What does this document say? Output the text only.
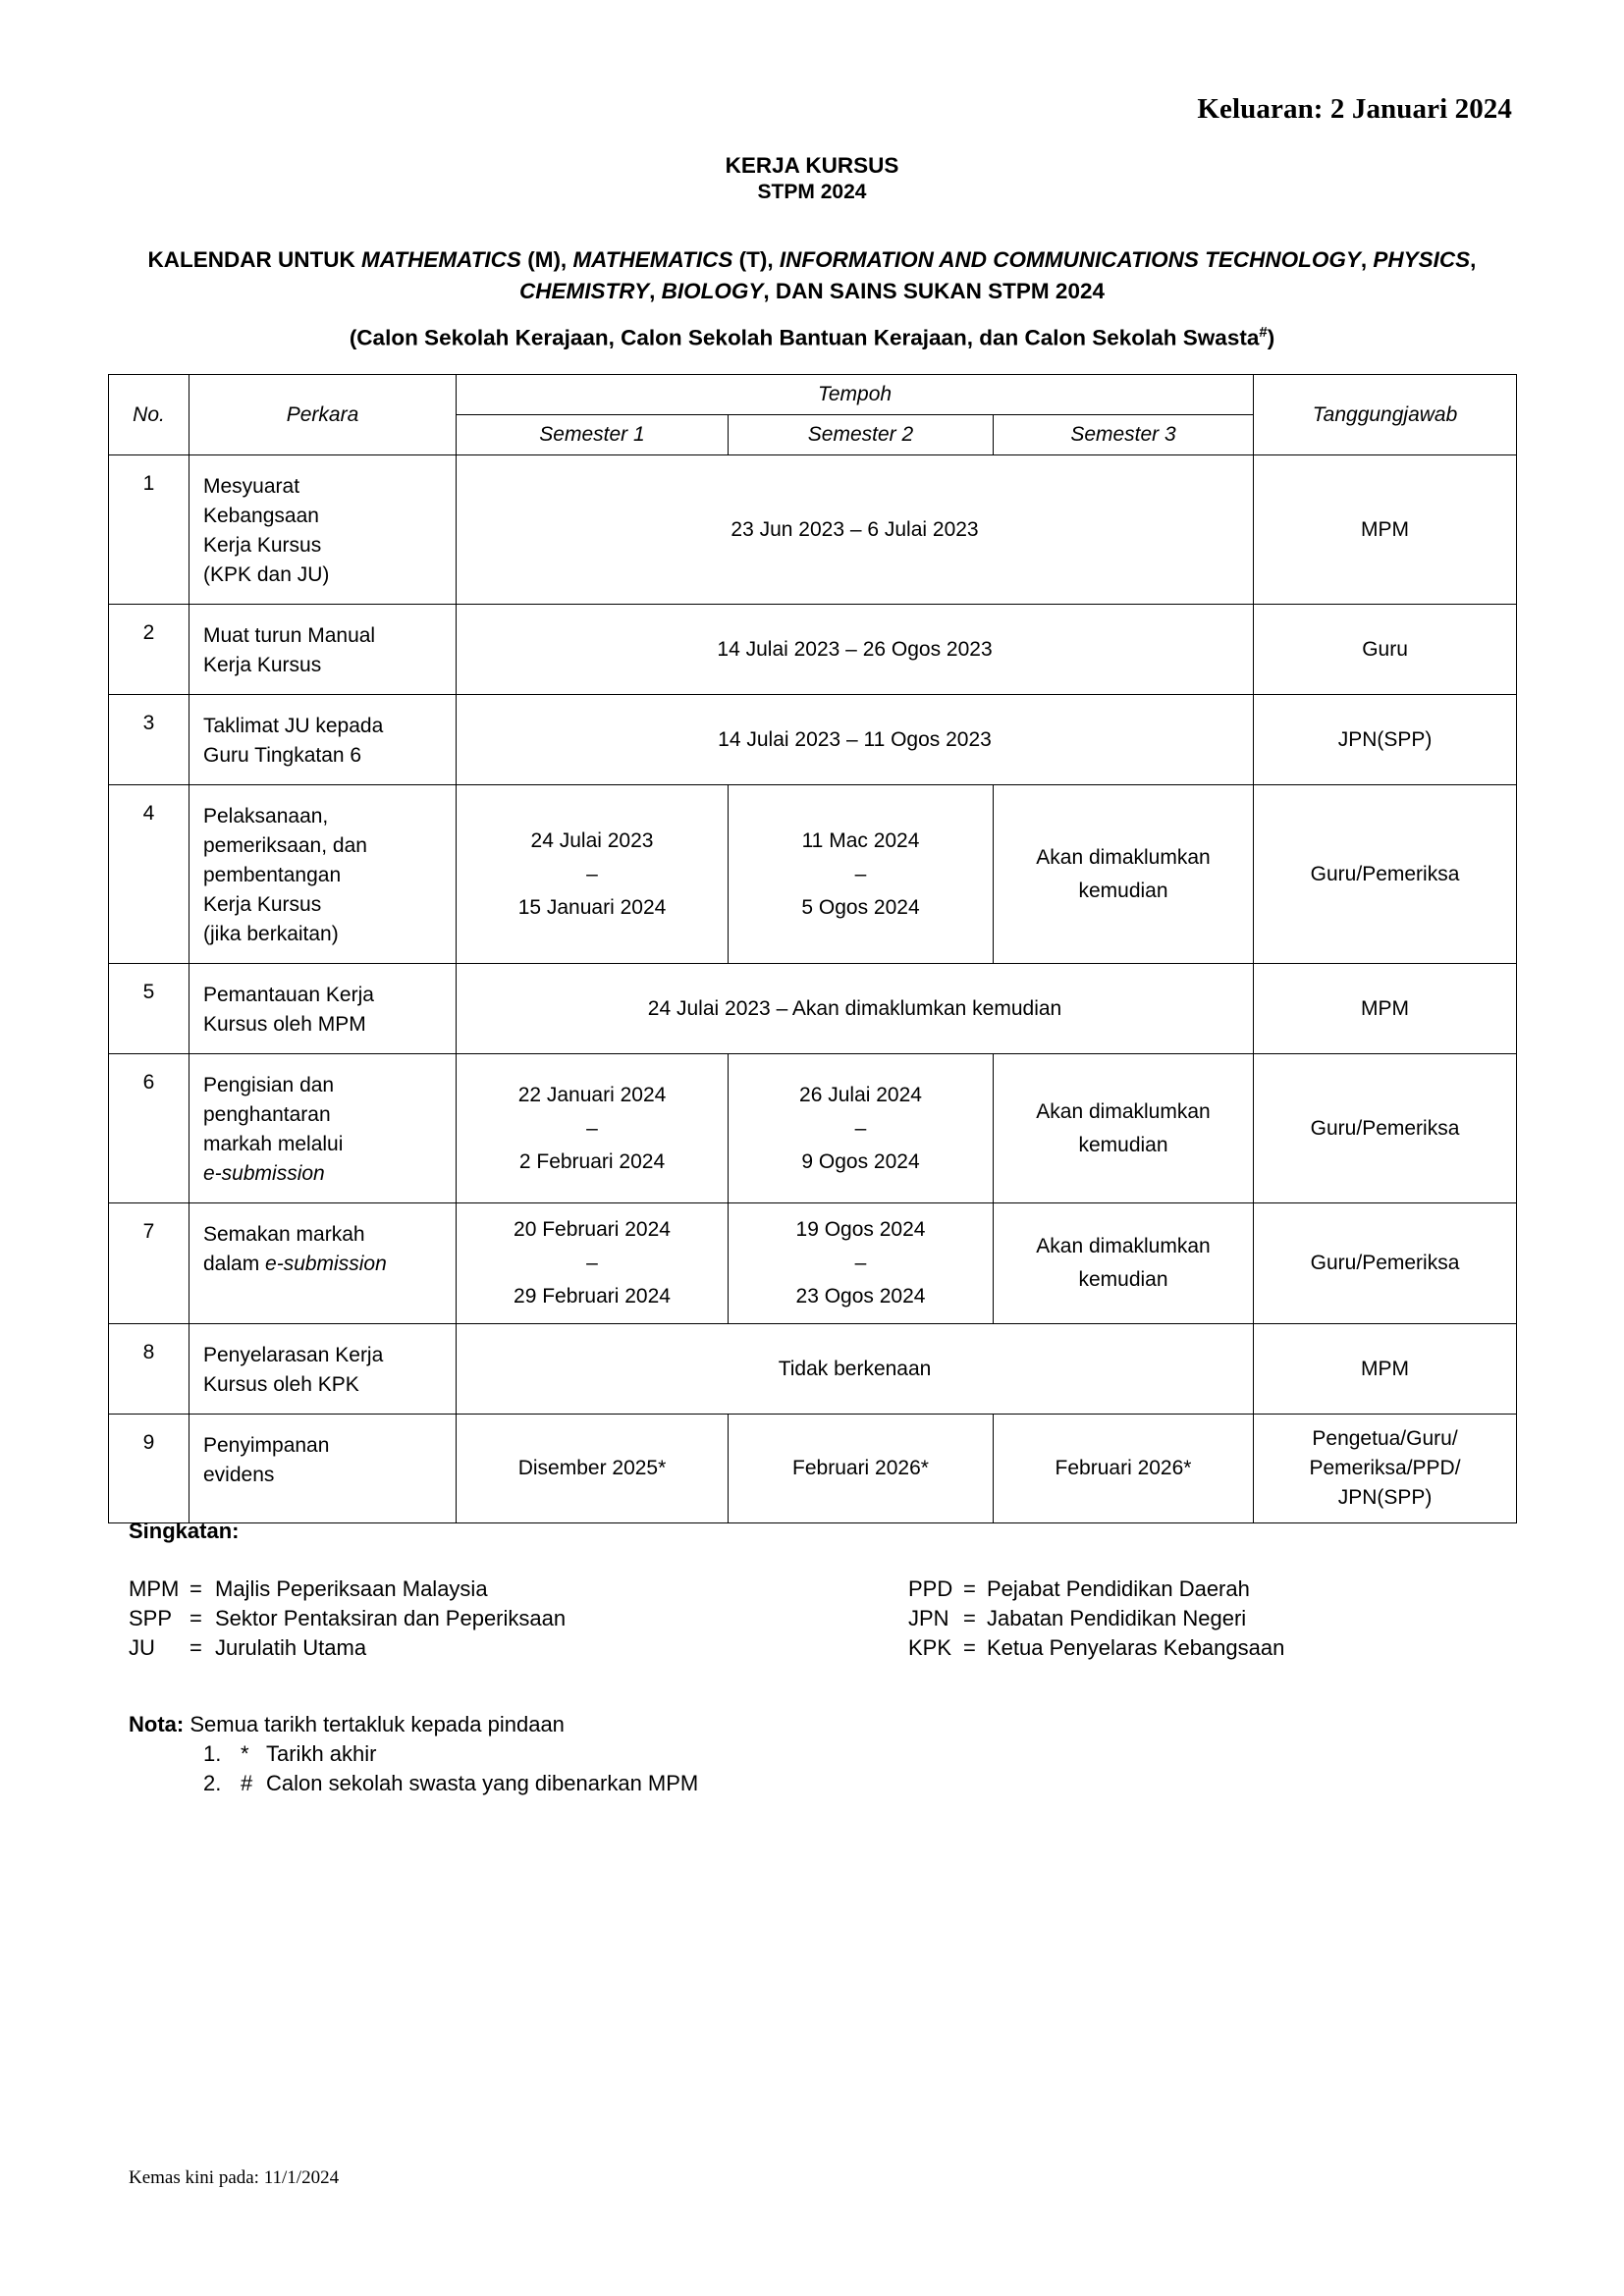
Keluaran: 2 Januari 2024
KERJA KURSUS
STPM 2024
KALENDAR UNTUK MATHEMATICS (M), MATHEMATICS (T), INFORMATION AND COMMUNICATIONS TECHNOLOGY, PHYSICS, CHEMISTRY, BIOLOGY, DAN SAINS SUKAN STPM 2024
(Calon Sekolah Kerajaan, Calon Sekolah Bantuan Kerajaan, dan Calon Sekolah Swasta#)
No.	Perkara	Tempoh			Tanggungjawab
		Semester 1	Semester 2	Semester 3	
1	Mesyuarat
Kebangsaan
Kerja Kursus
(KPK dan JU)	23 Jun 2023 – 6 Julai 2023			MPM
2	Muat turun Manual
Kerja Kursus	14 Julai 2023 – 26 Ogos 2023			Guru
3	Taklimat JU kepada
Guru Tingkatan 6	14 Julai 2023 – 11 Ogos 2023			JPN(SPP)
4	Pelaksanaan,
pemeriksaan, dan
pembentangan
Kerja Kursus
(jika berkaitan)	24 Julai 2023
–
15 Januari 2024	11 Mac 2024
–
5 Ogos 2024	Akan dimaklumkan
kemudian	Guru/Pemeriksa
5	Pemantauan Kerja
Kursus oleh MPM	24 Julai 2023 – Akan dimaklumkan kemudian			MPM
6	Pengisian dan
penghantaran
markah melalui
e-submission	22 Januari 2024
–
2 Februari 2024	26 Julai 2024
–
9 Ogos 2024	Akan dimaklumkan
kemudian	Guru/Pemeriksa
7	Semakan markah
dalam e-submission	20 Februari 2024
–
29 Februari 2024	19 Ogos 2024
–
23 Ogos 2024	Akan dimaklumkan
kemudian	Guru/Pemeriksa
8	Penyelarasan Kerja
Kursus oleh KPK	Tidak berkenaan			MPM
9	Penyimpanan
evidens	Disember 2025*	Februari 2026*	Februari 2026*	Pengetua/Guru/
Pemeriksa/PPD/
JPN(SPP)
Singkatan:
MPM = Majlis Peperiksaan Malaysia
SPP = Sektor Pentaksiran dan Peperiksaan
JU = Jurulatih Utama
PPD = Pejabat Pendidikan Daerah
JPN = Jabatan Pendidikan Negeri
KPK = Ketua Penyelaras Kebangsaan
Nota: Semua tarikh tertakluk kepada pindaan
1. * Tarikh akhir
2. # Calon sekolah swasta yang dibenarkan MPM
Kemas kini pada: 11/1/2024
